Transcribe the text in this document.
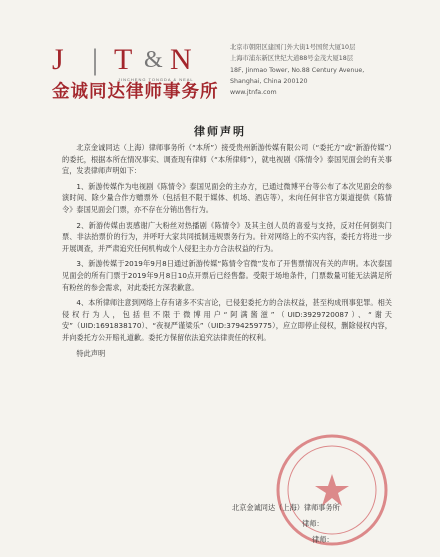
J | T & N
JINCHENG TONGDA & NEAL
金诚同达律师事务所
北京市朝阳区建国门外大街1号国贸大厦10层
上海市浦东新区世纪大道88号金茂大厦18层
18F, Jinmao Tower, No.88 Century Avenue,
Shanghai, China 200120
www.jtnfa.com
律师声明

北京金诚同达（上海）律师事务所（“本所”）接受贵州新游传媒有限公司（“委托方”或“新游传媒”）的委托，根据本所在情况事实、调查现有律师（“本所律师”），就电视剧《陈情令》泰国见面会的有关事宜，发表律师声明如下：

1、新游传媒作为电视剧《陈情令》泰国见面会的主办方，已通过微博平台等公布了本次见面会的参演时间、除少量合作方赠票外（包括但不限于媒体、机场、酒店等），未向任何非官方渠道提供《陈情令》泰国见面会门票，亦不存在分销出售行为。

2、新游传媒由衷感谢广大粉丝对热播剧《陈情令》及其主创人员的喜爱与支持，反对任何倒卖门票、非法抬票价的行为，并呼吁大家共同抵制违规票务行为。针对网络上的不实内容，委托方将进一步开展调查，并严肃追究任何机构或个人侵犯主办方合法权益的行为。

3、新游传媒于2019年9月8日通过新游传媒“陈情令官微”发布了开售票情况有关的声明。本次泰国见面会的所有门票于2019年9月8日10点开票后已经售罄。受限于场地条件，门票数量可能无法满足所有粉丝的参会需求，对此委托方深表歉意。

4、本所律师注意到网络上存有诸多不实言论，已侵犯委托方的合法权益，甚至构成刑事犯罪。相关侵权行为人，包括但不限于微博用户“阿满酱滋”（UID:3929720087）、“谢天安”（UID:1691838170）、“夜视严谨梁乐”（UID:3794259775），应立即停止侵权，删除侵权内容，并向委托方公开赔礼道歉。委托方保留依法追究法律责任的权利。

特此声明

北京金诚同达（上海）律师事务所
律师：
律师：
